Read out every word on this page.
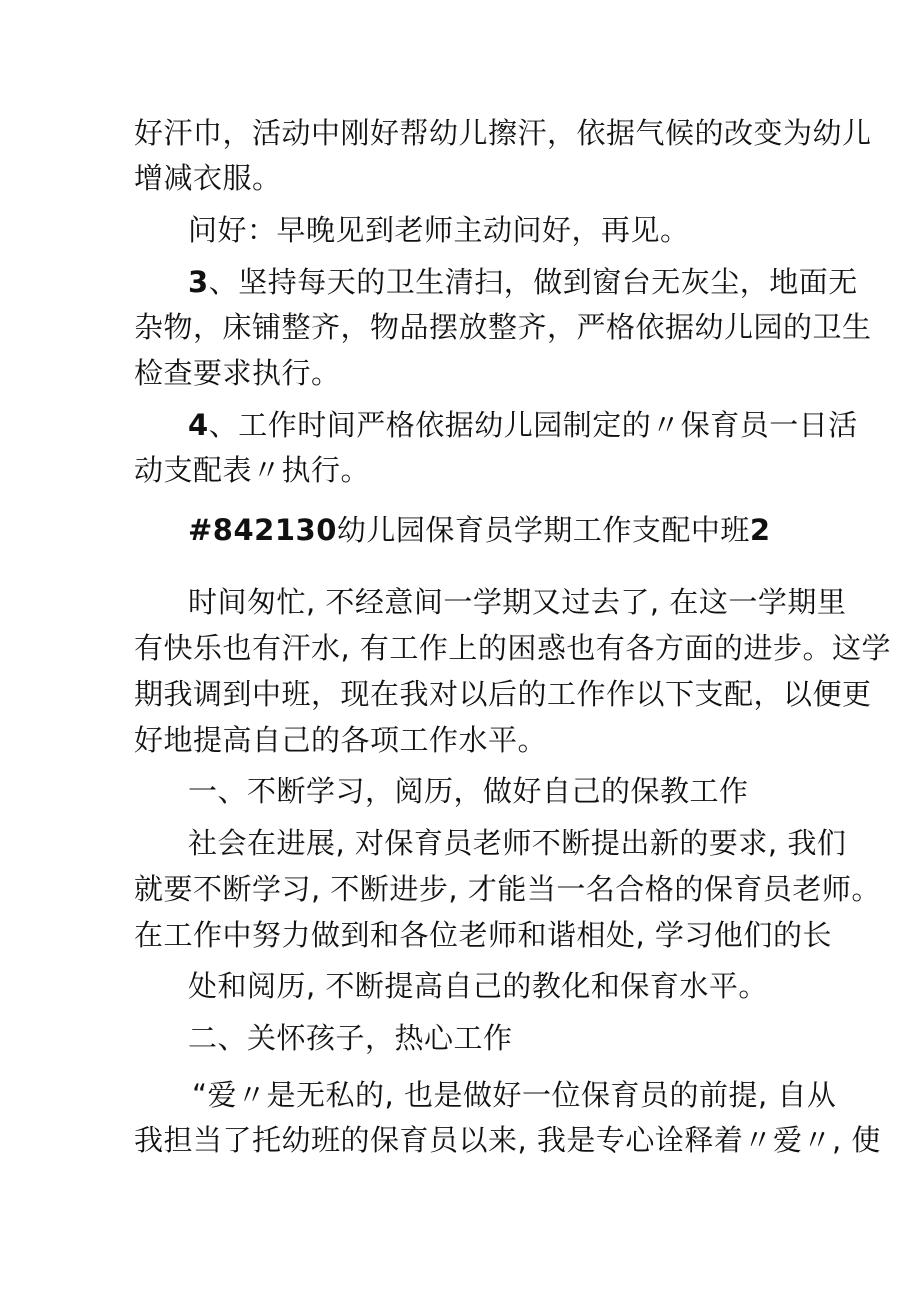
好汗巾，活动中刚好帮幼儿擦汗，依据气候的改变为幼儿
增减衣服。
问好：早晚见到老师主动问好，再见。
3、坚持每天的卫生清扫，做到窗台无灰尘，地面无
杂物，床铺整齐，物品摆放整齐，严格依据幼儿园的卫生
检查要求执行。
4、工作时间严格依据幼儿园制定的〃保育员一日活
动支配表〃执行。
#842130幼儿园保育员学期工作支配中班2
时间匆忙, 不经意间一学期又过去了, 在这一学期里
有快乐也有汗水, 有工作上的困惑也有各方面的进步。这学
期我调到中班，现在我对以后的工作作以下支配，以便更
好地提高自己的各项工作水平。
一、不断学习，阅历，做好自己的保教工作
社会在进展, 对保育员老师不断提出新的要求, 我们
就要不断学习, 不断进步, 才能当一名合格的保育员老师。
在工作中努力做到和各位老师和谐相处, 学习他们的长
处和阅历, 不断提高自己的教化和保育水平。
二、关怀孩子，热心工作
“爱〃是无私的, 也是做好一位保育员的前提, 自从
我担当了托幼班的保育员以来, 我是专心诠释着〃爱〃, 使
